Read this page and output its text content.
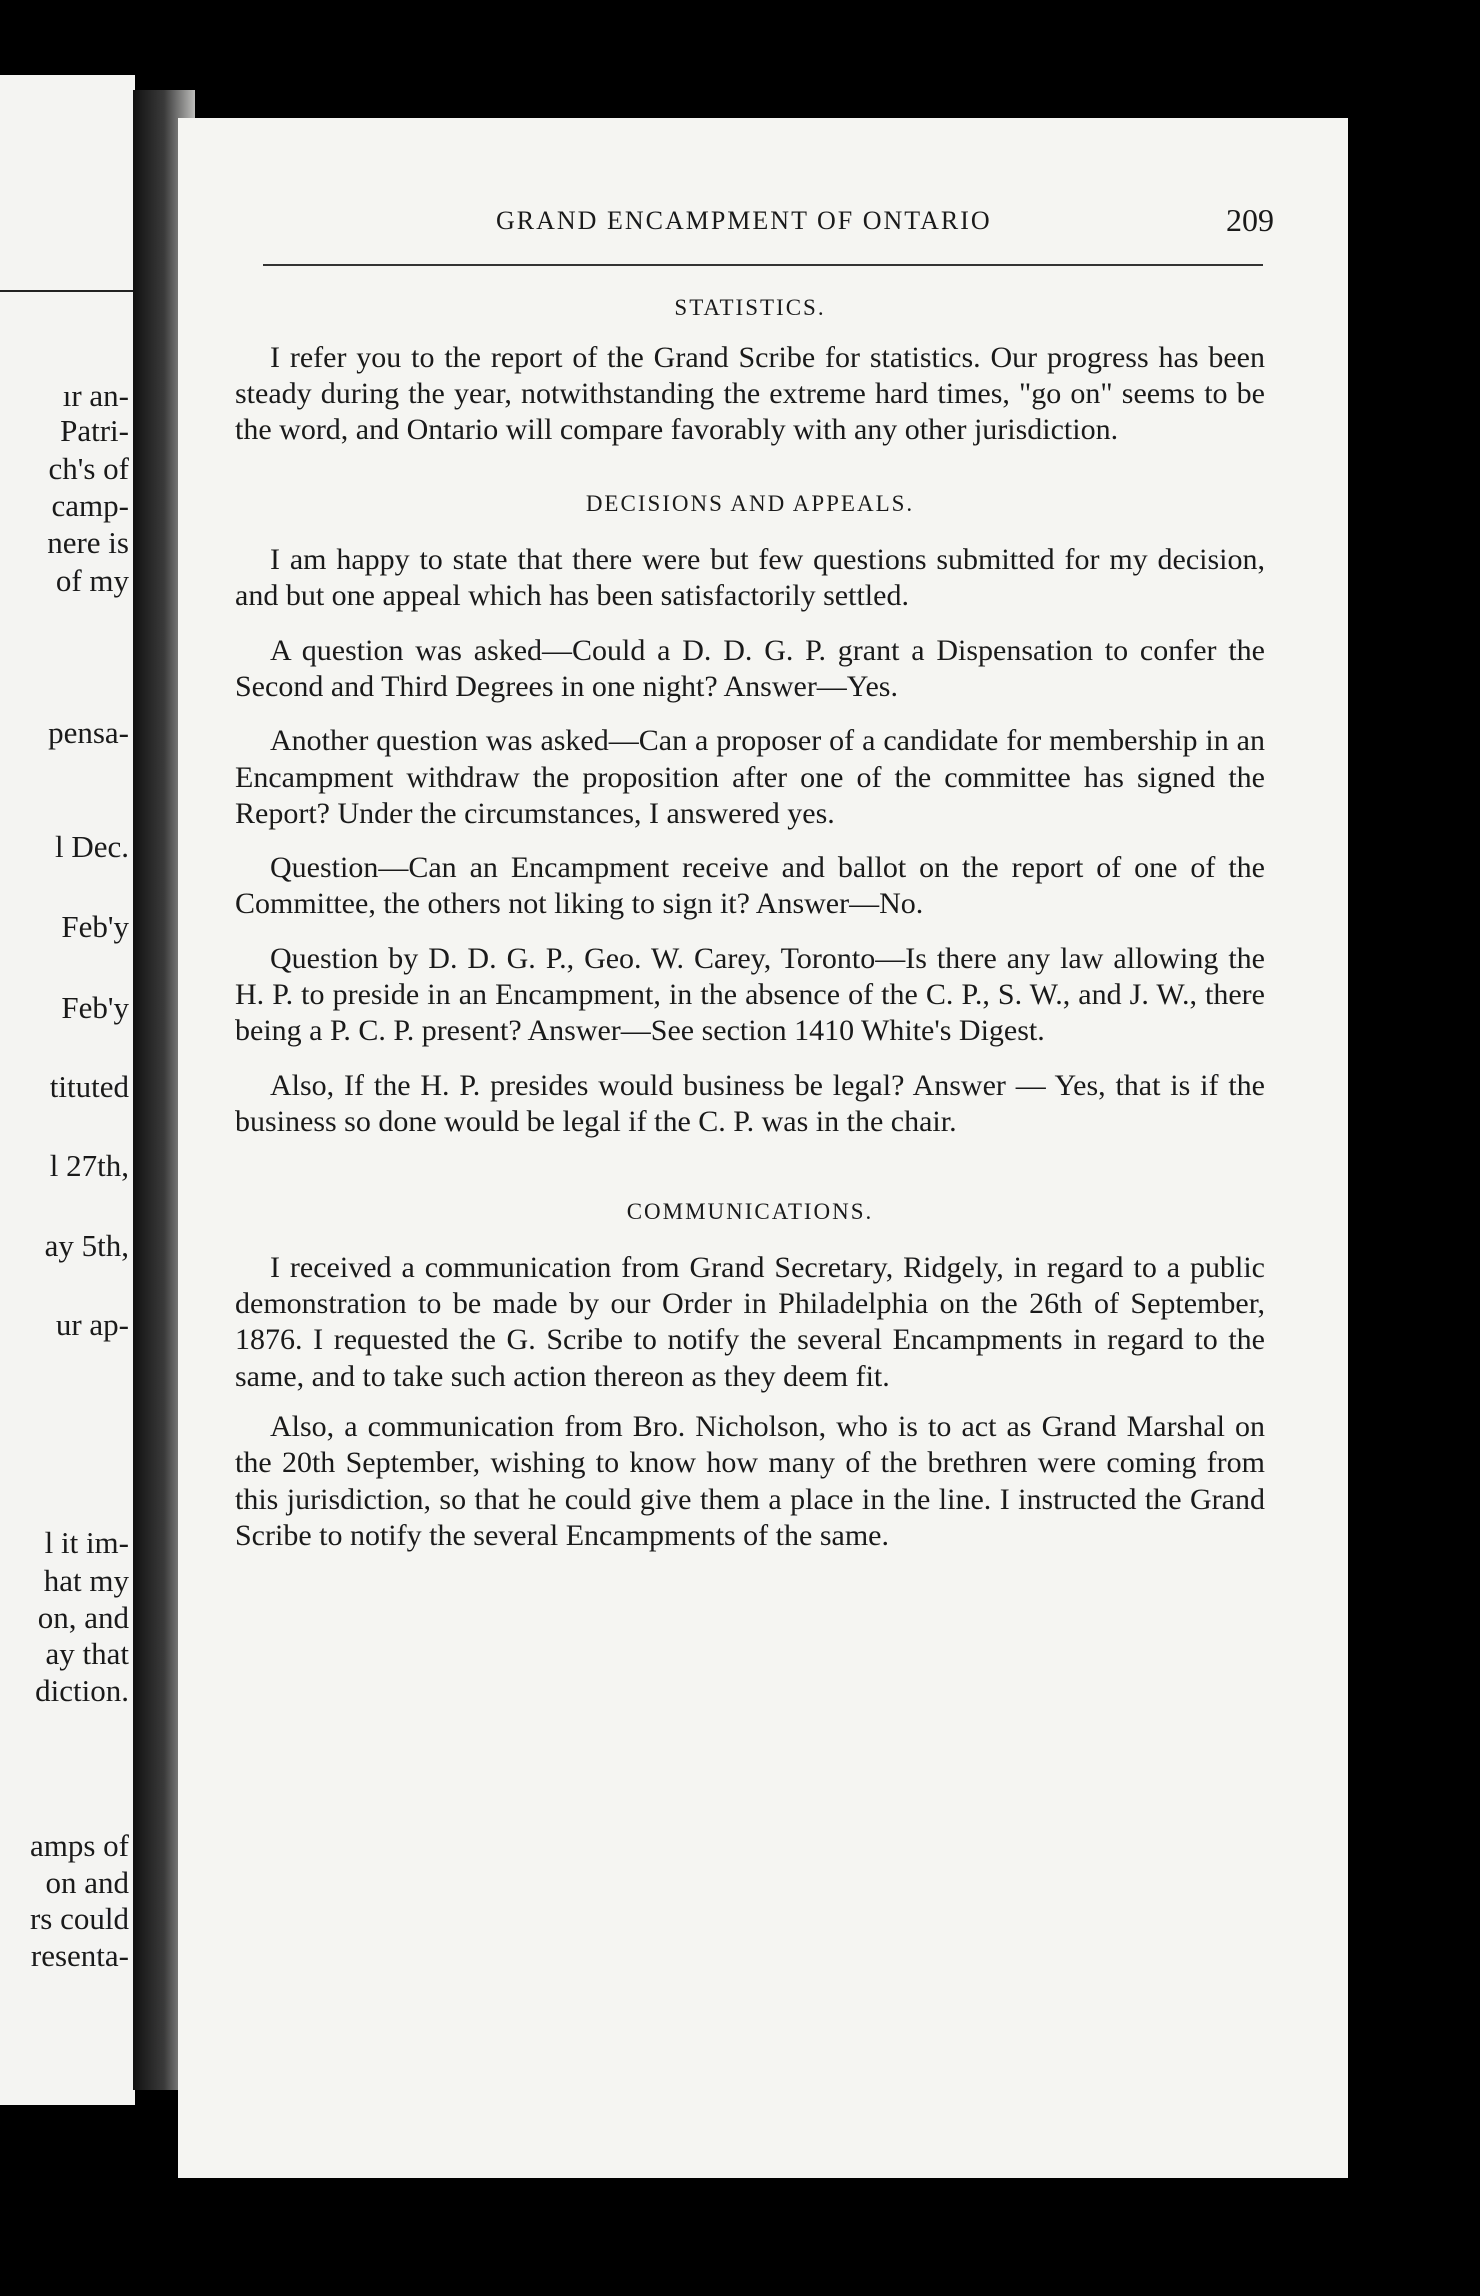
ır an-
Patri-
ch's of
camp-
nere is
of my
pensa-
l Dec.
Feb'y
Feb'y
tituted
l 27th,
ay 5th,
ur ap-
l it im-
hat my
on, and
ay that
diction.
amps of
on and
rs could
resenta-
GRAND ENCAMPMENT OF ONTARIO	209
STATISTICS.

I refer you to the report of the Grand Scribe for statistics. Our progress has been steady during the year, notwithstanding the extreme hard times, "go on" seems to be the word, and Ontario will compare favorably with any other jurisdiction.

DECISIONS AND APPEALS.

I am happy to state that there were but few questions submitted for my decision, and but one appeal which has been satisfactorily settled.

A question was asked—Could a D. D. G. P. grant a Dispensation to confer the Second and Third Degrees in one night? Answer—Yes.

Another question was asked—Can a proposer of a candidate for membership in an Encampment withdraw the proposition after one of the committee has signed the Report? Under the circumstances, I answered yes.

Question—Can an Encampment receive and ballot on the report of one of the Committee, the others not liking to sign it? Answer—No.

Question by D. D. G. P., Geo. W. Carey, Toronto—Is there any law allowing the H. P. to preside in an Encampment, in the absence of the C. P., S. W., and J. W., there being a P. C. P. present? Answer—See section 1410 White's Digest.

Also, If the H. P. presides would business be legal? Answer — Yes, that is if the business so done would be legal if the C. P. was in the chair.

COMMUNICATIONS.

I received a communication from Grand Secretary, Ridgely, in regard to a public demonstration to be made by our Order in Philadelphia on the 26th of September, 1876. I requested the G. Scribe to notify the several Encampments in regard to the same, and to take such action thereon as they deem fit.

Also, a communication from Bro. Nicholson, who is to act as Grand Marshal on the 20th September, wishing to know how many of the brethren were coming from this jurisdiction, so that he could give them a place in the line. I instructed the Grand Scribe to notify the several Encampments of the same.
